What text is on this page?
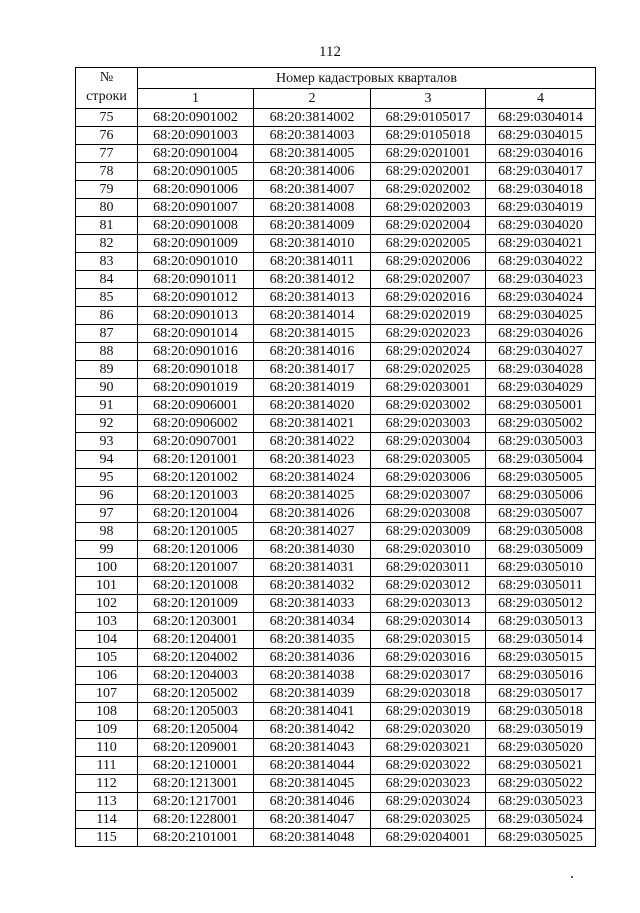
112
№
строки	Номер кадастровых кварталов			
	1	2	3	4
75	68:20:0901002	68:20:3814002	68:29:0105017	68:29:0304014
76	68:20:0901003	68:20:3814003	68:29:0105018	68:29:0304015
77	68:20:0901004	68:20:3814005	68:29:0201001	68:29:0304016
78	68:20:0901005	68:20:3814006	68:29:0202001	68:29:0304017
79	68:20:0901006	68:20:3814007	68:29:0202002	68:29:0304018
80	68:20:0901007	68:20:3814008	68:29:0202003	68:29:0304019
81	68:20:0901008	68:20:3814009	68:29:0202004	68:29:0304020
82	68:20:0901009	68:20:3814010	68:29:0202005	68:29:0304021
83	68:20:0901010	68:20:3814011	68:29:0202006	68:29:0304022
84	68:20:0901011	68:20:3814012	68:29:0202007	68:29:0304023
85	68:20:0901012	68:20:3814013	68:29:0202016	68:29:0304024
86	68:20:0901013	68:20:3814014	68:29:0202019	68:29:0304025
87	68:20:0901014	68:20:3814015	68:29:0202023	68:29:0304026
88	68:20:0901016	68:20:3814016	68:29:0202024	68:29:0304027
89	68:20:0901018	68:20:3814017	68:29:0202025	68:29:0304028
90	68:20:0901019	68:20:3814019	68:29:0203001	68:29:0304029
91	68:20:0906001	68:20:3814020	68:29:0203002	68:29:0305001
92	68:20:0906002	68:20:3814021	68:29:0203003	68:29:0305002
93	68:20:0907001	68:20:3814022	68:29:0203004	68:29:0305003
94	68:20:1201001	68:20:3814023	68:29:0203005	68:29:0305004
95	68:20:1201002	68:20:3814024	68:29:0203006	68:29:0305005
96	68:20:1201003	68:20:3814025	68:29:0203007	68:29:0305006
97	68:20:1201004	68:20:3814026	68:29:0203008	68:29:0305007
98	68:20:1201005	68:20:3814027	68:29:0203009	68:29:0305008
99	68:20:1201006	68:20:3814030	68:29:0203010	68:29:0305009
100	68:20:1201007	68:20:3814031	68:29:0203011	68:29:0305010
101	68:20:1201008	68:20:3814032	68:29:0203012	68:29:0305011
102	68:20:1201009	68:20:3814033	68:29:0203013	68:29:0305012
103	68:20:1203001	68:20:3814034	68:29:0203014	68:29:0305013
104	68:20:1204001	68:20:3814035	68:29:0203015	68:29:0305014
105	68:20:1204002	68:20:3814036	68:29:0203016	68:29:0305015
106	68:20:1204003	68:20:3814038	68:29:0203017	68:29:0305016
107	68:20:1205002	68:20:3814039	68:29:0203018	68:29:0305017
108	68:20:1205003	68:20:3814041	68:29:0203019	68:29:0305018
109	68:20:1205004	68:20:3814042	68:29:0203020	68:29:0305019
110	68:20:1209001	68:20:3814043	68:29:0203021	68:29:0305020
111	68:20:1210001	68:20:3814044	68:29:0203022	68:29:0305021
112	68:20:1213001	68:20:3814045	68:29:0203023	68:29:0305022
113	68:20:1217001	68:20:3814046	68:29:0203024	68:29:0305023
114	68:20:1228001	68:20:3814047	68:29:0203025	68:29:0305024
115	68:20:2101001	68:20:3814048	68:29:0204001	68:29:0305025
